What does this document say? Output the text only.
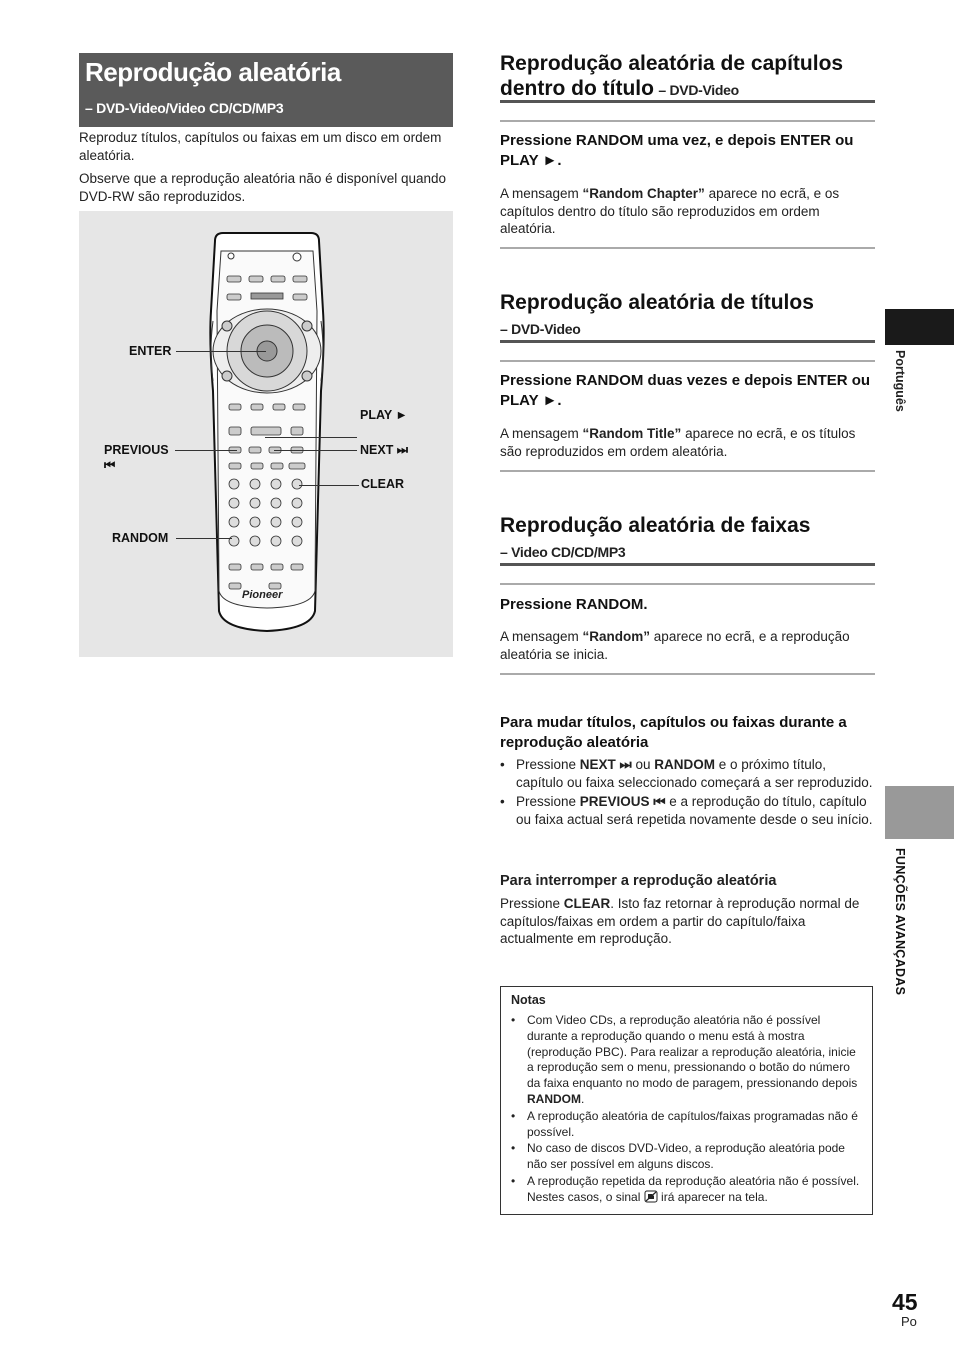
Reprodução aleatória
– DVD-Video/Video CD/CD/MP3

Reproduz títulos, capítulos ou faixas em um disco em ordem aleatória.

Observe que a reprodução aleatória não é disponível quando DVD-RW são reproduzidos.

Pioneer
ENTER
PLAY ►
PREVIOUS
⏮
NEXT ⏭
CLEAR
RANDOM
Reprodução aleatória de capítulos dentro do título – DVD-Video

Pressione RANDOM uma vez, e depois ENTER ou PLAY ►.

A mensagem “Random Chapter” aparece no ecrã, e os capítulos dentro do título são reproduzidos em ordem aleatória.

Reprodução aleatória de títulos
– DVD-Video

Pressione RANDOM duas vezes e depois ENTER ou PLAY ►.

A mensagem “Random Title” aparece no ecrã, e os títulos são reproduzidos em ordem aleatória.

Reprodução aleatória de faixas
– Video CD/CD/MP3

Pressione RANDOM.

A mensagem “Random” aparece no ecrã, e a reprodução aleatória se inicia.

Para mudar títulos, capítulos ou faixas durante a reprodução aleatória

• Pressione NEXT ⏭ ou RANDOM e o próximo título, capítulo ou faixa seleccionado começará a ser reproduzido.
• Pressione PREVIOUS ⏮ e a reprodução do título, capítulo ou faixa actual será repetida novamente desde o seu início.

Para interromper a reprodução aleatória

Pressione CLEAR. Isto faz retornar à reprodução normal de capítulos/faixas em ordem a partir do capítulo/faixa actualmente em reprodução.

Notas
• Com Video CDs, a reprodução aleatória não é possível durante a reprodução quando o menu está à mostra (reprodução PBC). Para realizar a reprodução aleatória, inicie a reprodução sem o menu, pressionando o botão do número da faixa enquanto no modo de paragem, pressionando depois RANDOM.
• A reprodução aleatória de capítulos/faixas programadas não é possível.
• No caso de discos DVD-Video, a reprodução aleatória pode não ser possível em alguns discos.
• A reprodução repetida da reprodução aleatória não é possível. Nestes casos, o sinal  irá aparecer na tela.
Português
FUNÇÕES AVANÇADAS
45
Po
